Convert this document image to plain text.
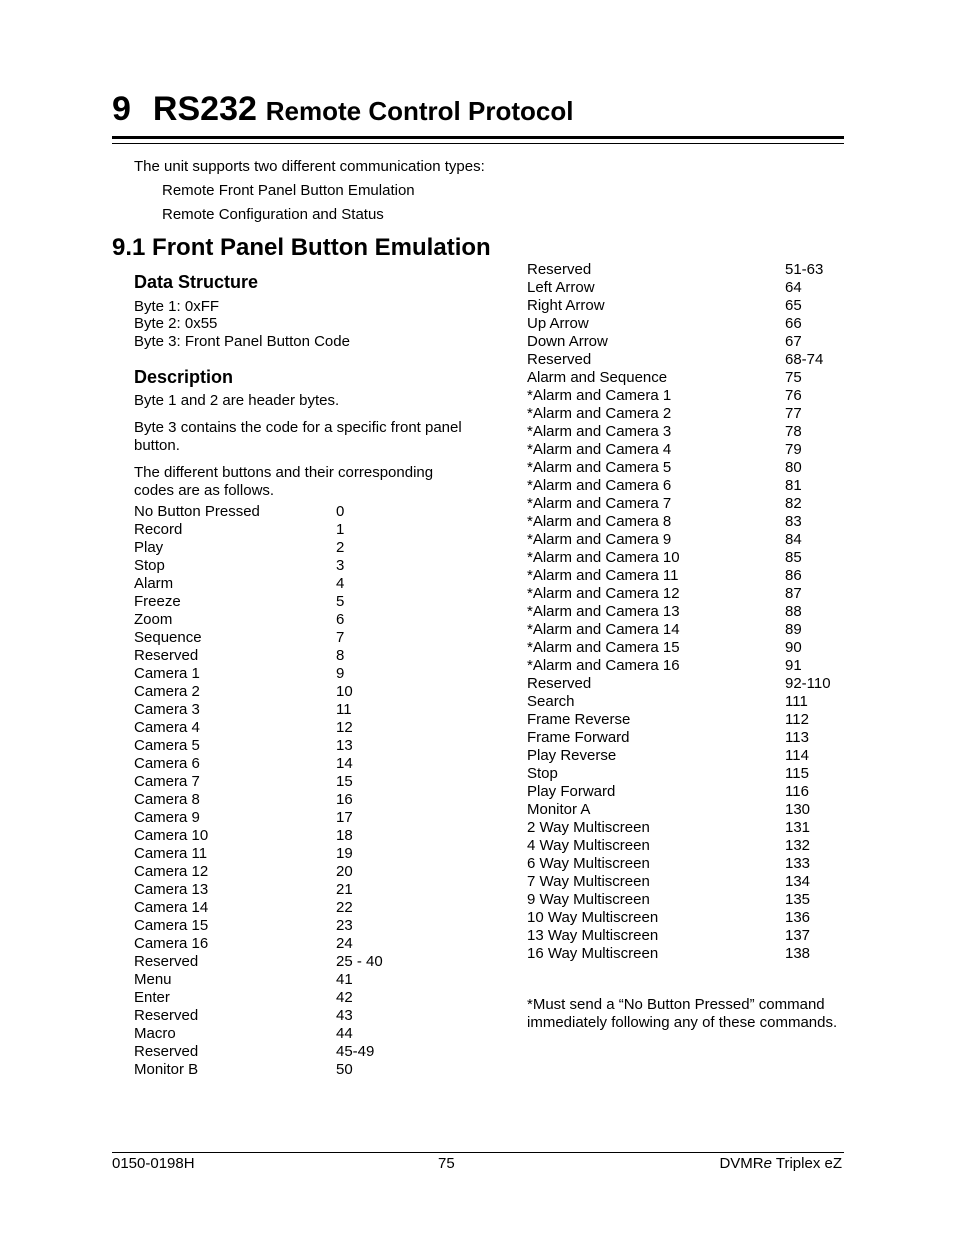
9 RS232 Remote Control Protocol
The unit supports two different communication types:
Remote Front Panel Button Emulation
Remote Configuration and Status
9.1 Front Panel Button Emulation
Data Structure
Byte 1: 0xFF
Byte 2: 0x55
Byte 3: Front Panel Button Code
Description

Byte 1 and 2 are header bytes.

Byte 3 contains the code for a specific front panel button.

The different buttons and their corresponding codes are as follows.

No Button Pressed	0
Record	1
Play	2
Stop	3
Alarm	4
Freeze	5
Zoom	6
Sequence	7
Reserved	8
Camera 1	9
Camera 2	10
Camera 3	11
Camera 4	12
Camera 5	13
Camera 6	14
Camera 7	15
Camera 8	16
Camera 9	17
Camera 10	18
Camera 11	19
Camera 12	20
Camera 13	21
Camera 14	22
Camera 15	23
Camera 16	24
Reserved	25 - 40
Menu	41
Enter	42
Reserved	43
Macro	44
Reserved	45-49
Monitor B	50
Reserved	51-63
Left Arrow	64
Right Arrow	65
Up Arrow	66
Down Arrow	67
Reserved	68-74
Alarm and Sequence	75
*Alarm and Camera 1	76
*Alarm and Camera 2	77
*Alarm and Camera 3	78
*Alarm and Camera 4	79
*Alarm and Camera 5	80
*Alarm and Camera 6	81
*Alarm and Camera 7	82
*Alarm and Camera 8	83
*Alarm and Camera 9	84
*Alarm and Camera 10	85
*Alarm and Camera 11	86
*Alarm and Camera 12	87
*Alarm and Camera 13	88
*Alarm and Camera 14	89
*Alarm and Camera 15	90
*Alarm and Camera 16	91
Reserved	92-110
Search	111
Frame Reverse	112
Frame Forward	113
Play Reverse	114
Stop	115
Play Forward	116
Monitor A	130
2 Way Multiscreen	131
4 Way Multiscreen	132
6 Way Multiscreen	133
7 Way Multiscreen	134
9 Way Multiscreen	135
10 Way Multiscreen	136
13 Way Multiscreen	137
16 Way Multiscreen	138

*Must send a “No Button Pressed” command immediately following any of these commands.

0150-0198H	75	DVMRe Triplex eZ
